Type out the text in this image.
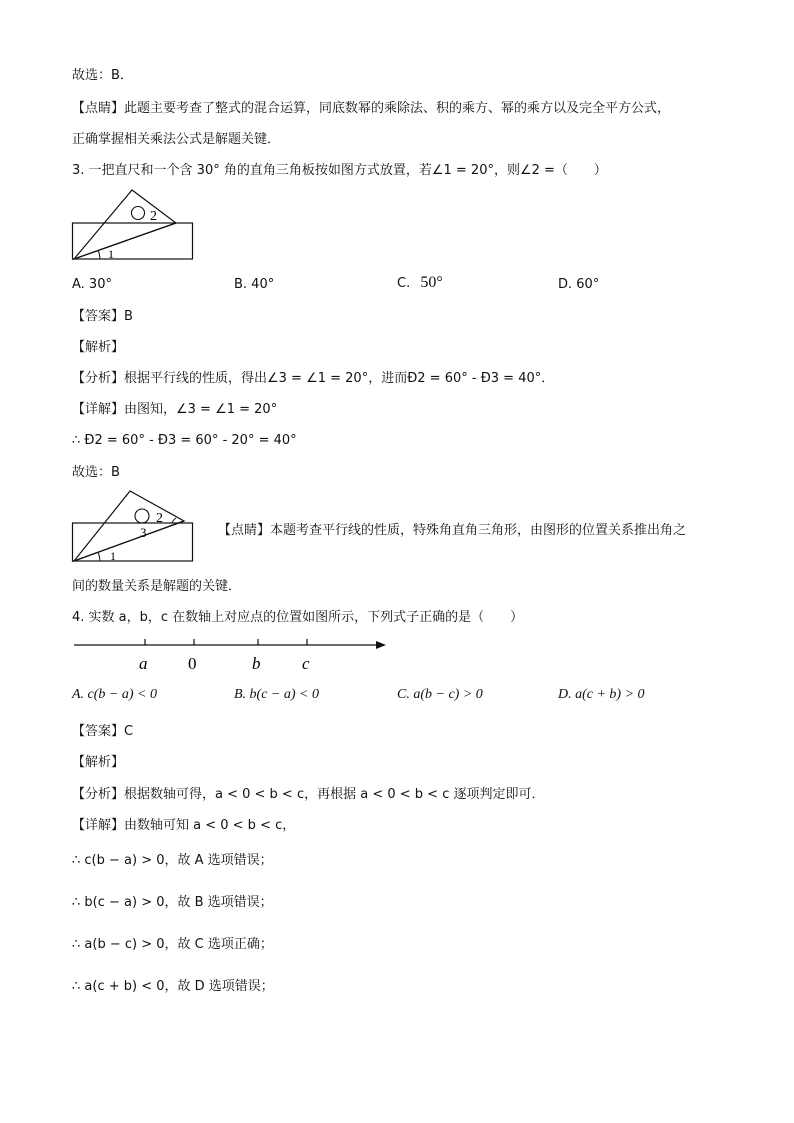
故选：B．
【点睛】此题主要考查了整式的混合运算，同底数幂的乘除法、积的乘方、幂的乘方以及完全平方公式，
正确掌握相关乘法公式是解题关键．
3. 一把直尺和一个含 30° 角的直角三角板按如图方式放置，若∠1 = 20°，则∠2 =（　　）
2
1
A. 30°	B. 40°	C. 50°	D. 60°
【答案】B
【解析】
【分析】根据平行线的性质，得出∠3 = ∠1 = 20°，进而Ð2 = 60° - Ð3 = 40°．
【详解】由图知，∠3 = ∠1 = 20°
∴ Ð2 = 60° - Ð3 = 60° - 20° = 40°
故选：B
2
3
1
【点睛】本题考查平行线的性质，特殊角直角三角形，由图形的位置关系推出角之
间的数量关系是解题的关键．
4. 实数 a，b，c 在数轴上对应点的位置如图所示，下列式子正确的是（　　）
a 0	b c
A. c(b − a) < 0	B. b(c − a) < 0	C. a(b − c) > 0	D. a(c + b) > 0
【答案】C
【解析】
【分析】根据数轴可得，a < 0 < b < c，再根据 a < 0 < b < c 逐项判定即可．
【详解】由数轴可知 a < 0 < b < c，
∴ c(b − a) > 0，故 A 选项错误；
∴ b(c − a) > 0，故 B 选项错误；
∴ a(b − c) > 0，故 C 选项正确；
∴ a(c + b) < 0，故 D 选项错误；
